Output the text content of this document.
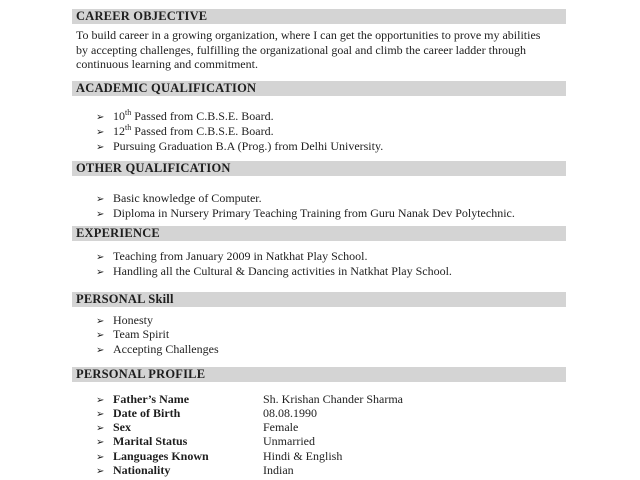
CAREER OBJECTIVE
To build career in a growing organization, where I can get the opportunities to prove my abilities
by accepting challenges, fulfilling the organizational goal and climb the career ladder through
continuous learning and commitment.
ACADEMIC QUALIFICATION
➢ 10th Passed from C.B.S.E. Board.
➢ 12th Passed from C.B.S.E. Board.
➢ Pursuing Graduation B.A (Prog.) from Delhi University.
OTHER QUALIFICATION
➢ Basic knowledge of Computer.
➢ Diploma in Nursery Primary Teaching Training from Guru Nanak Dev Polytechnic.
EXPERIENCE
➢ Teaching from January 2009 in Natkhat Play School.
➢ Handling all the Cultural & Dancing activities in Natkhat Play School.
PERSONAL Skill
➢ Honesty
➢ Team Spirit
➢ Accepting Challenges
PERSONAL PROFILE
➢ Father’s Name	Sh. Krishan Chander Sharma
➢ Date of Birth	08.08.1990
➢ Sex	Female
➢ Marital Status	Unmarried
➢ Languages Known	Hindi & English
➢ Nationality	Indian
